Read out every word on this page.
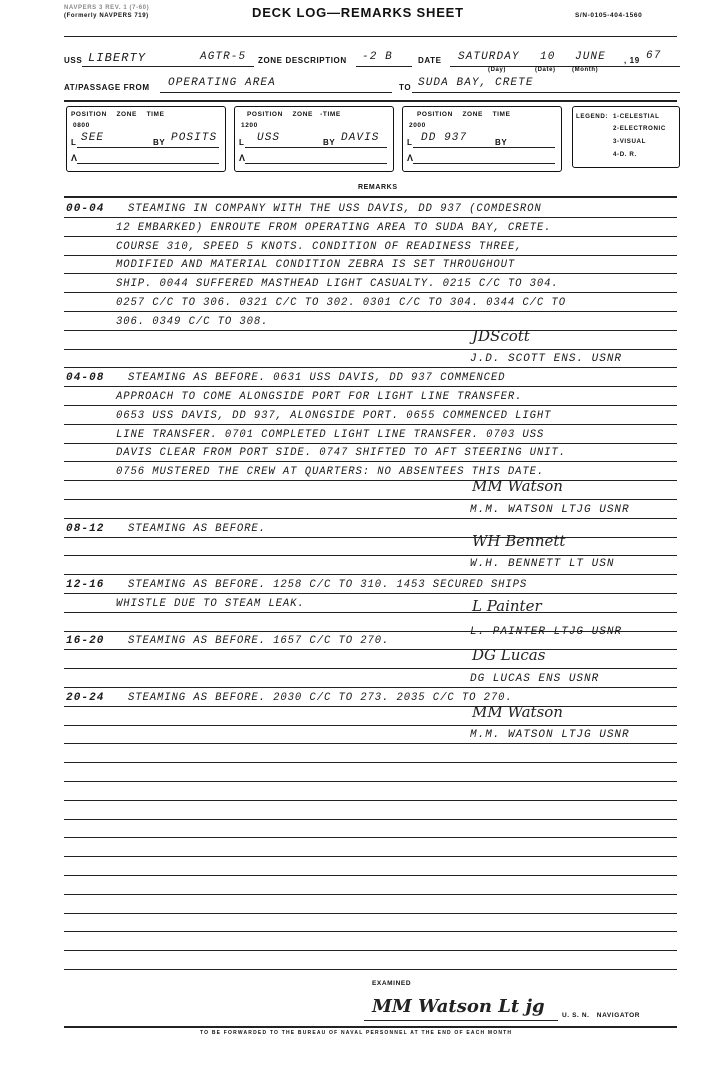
NAVPERS 3 REV. 1 (7-60)
(Formerly NAVPERS 719)	DECK LOG—REMARKS SHEET	S/N-0105-404-1560
USS LIBERTY	AGTR-5 ZONE DESCRIPTION -2 B	DATE SATURDAY 10 JUNE , 19 67
(Day)	(Date)	(Month)
AT/PASSAGE FROM OPERATING AREA	TO SUDA BAY, CRETE
POSITION ZONE TIME
0800
L SEE	BY POSITS
Λ
POSITION ZONE -TIME
1200
L USS	BY DAVIS
Λ
POSITION ZONE TIME
2000
L DD 937	BY
Λ
LEGEND: 1-CELESTIAL
2-ELECTRONIC
3-VISUAL
4-D. R.
REMARKS
00-04 STEAMING IN COMPANY WITH THE USS DAVIS, DD 937 (COMDESRON
12 EMBARKED) ENROUTE FROM OPERATING AREA TO SUDA BAY, CRETE.
COURSE 310, SPEED 5 KNOTS. CONDITION OF READINESS THREE,
MODIFIED AND MATERIAL CONDITION ZEBRA IS SET THROUGHOUT
SHIP. 0044 SUFFERED MASTHEAD LIGHT CASUALTY. 0215 C/C TO 304.
0257 C/C TO 306. 0321 C/C TO 302. 0301 C/C TO 304. 0344 C/C TO
306. 0349 C/C TO 308.
JDScott
J.D. SCOTT ENS. USNR
04-08 STEAMING AS BEFORE. 0631 USS DAVIS, DD 937 COMMENCED
APPROACH TO COME ALONGSIDE PORT FOR LIGHT LINE TRANSFER.
0653 USS DAVIS, DD 937, ALONGSIDE PORT. 0655 COMMENCED LIGHT
LINE TRANSFER. 0701 COMPLETED LIGHT LINE TRANSFER. 0703 USS
DAVIS CLEAR FROM PORT SIDE. 0747 SHIFTED TO AFT STEERING UNIT.
0756 MUSTERED THE CREW AT QUARTERS: NO ABSENTEES THIS DATE.
MM Watson
M.M. WATSON LTJG USNR
08-12 STEAMING AS BEFORE.
WH Bennett
W.H. BENNETT LT USN
12-16 STEAMING AS BEFORE. 1258 C/C TO 310. 1453 SECURED SHIPS
WHISTLE DUE TO STEAM LEAK.	L Painter
L. PAINTER LTJG USNR
16-20 STEAMING AS BEFORE. 1657 C/C TO 270.
DG Lucas
DG LUCAS ENS USNR
20-24 STEAMING AS BEFORE. 2030 C/C TO 273. 2035 C/C TO 270.
MM Watson
M.M. WATSON LTJG USNR
EXAMINED
MM Watson Lt jg	U. S. N.   NAVIGATOR
TO BE FORWARDED TO THE BUREAU OF NAVAL PERSONNEL AT THE END OF EACH MONTH
